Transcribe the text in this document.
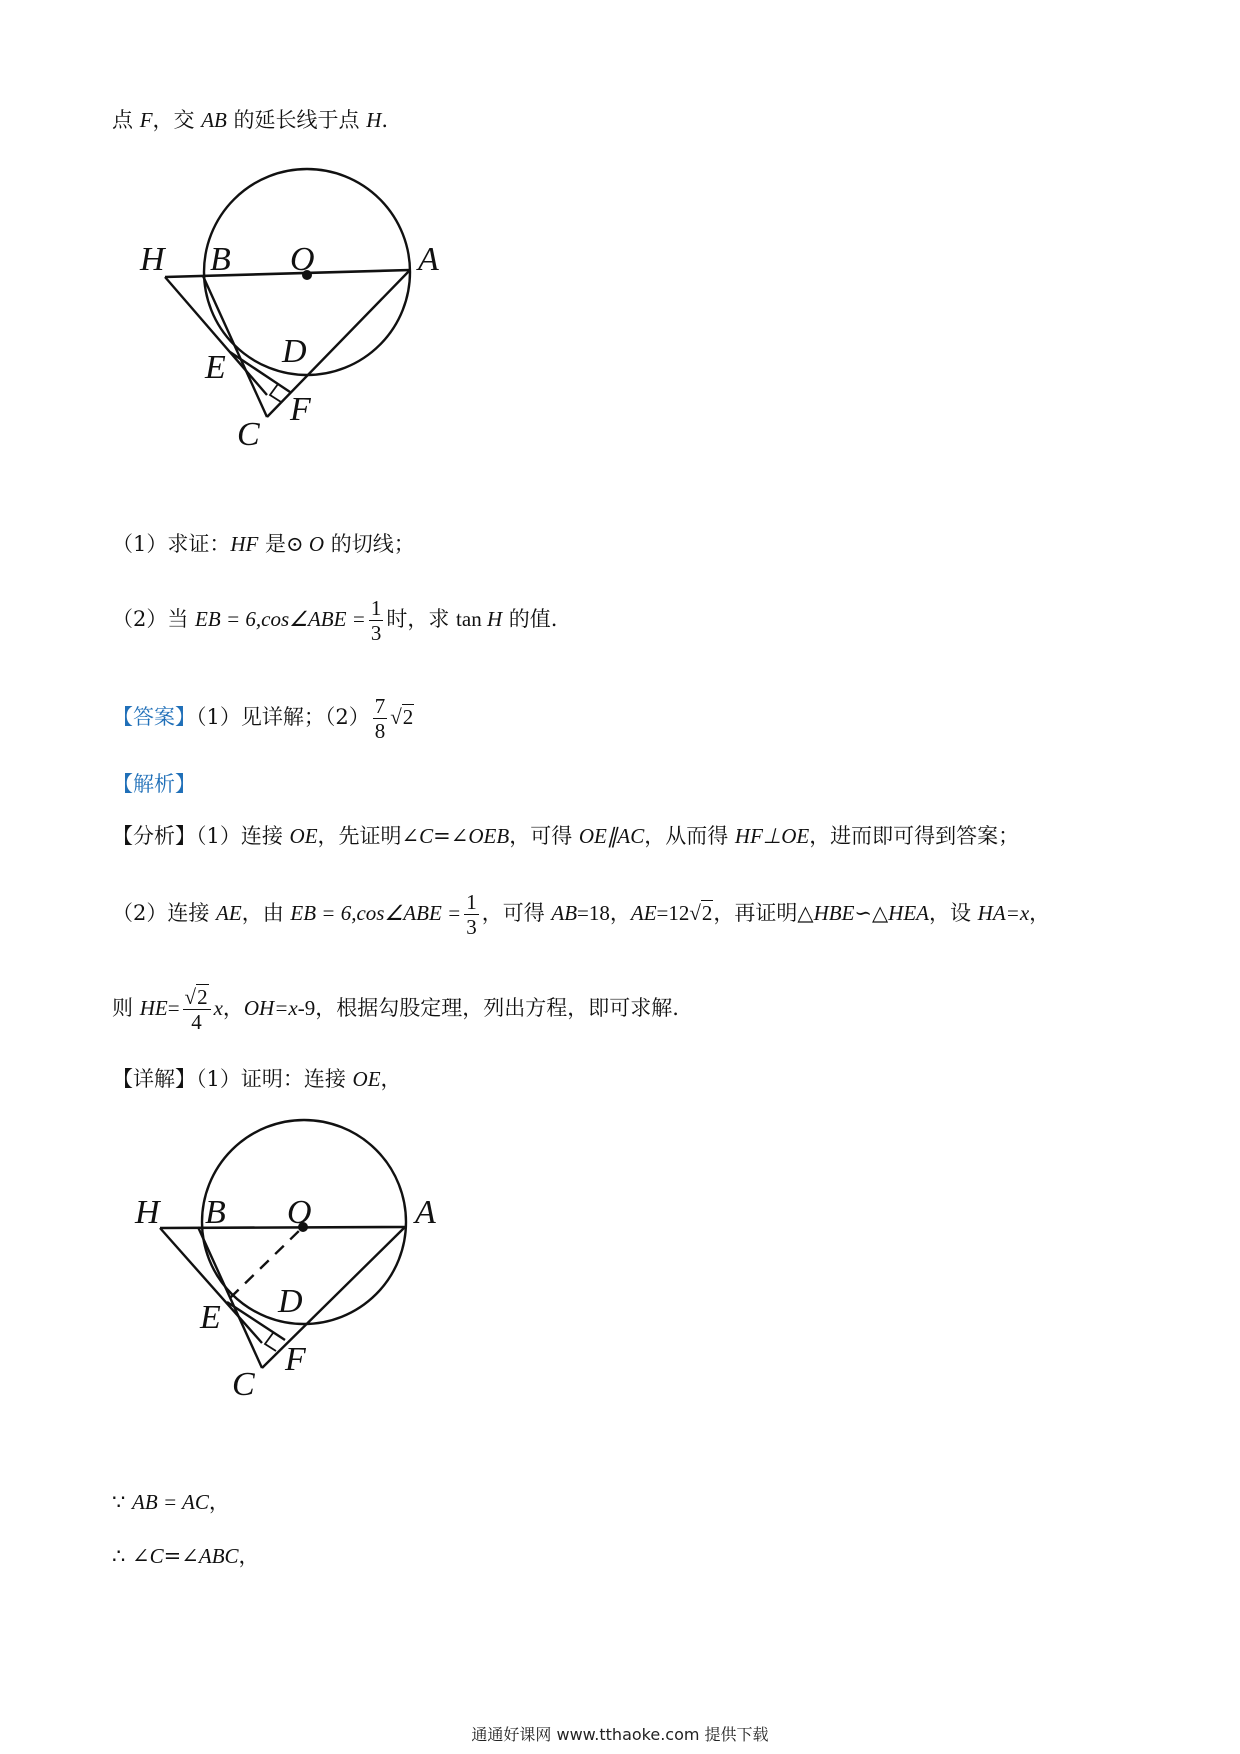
点 F，交 AB 的延长线于点 H.
H B O	A
E D
F
C
（1）求证：HF 是⊙ O 的切线；
（2）当 EB = 6,cos∠ABE = $\frac{1}{3}$ 时，求 tan H 的值.
【答案】（1）见详解；$(2) \frac{7}{8} √2$
【解析】
【分析】（1）连接 OE，先证明∠C=∠OEB，可得 OE∥AC，从而得 HF⊥OE，进而即可得到答案；
（2）连接 AE，由 EB = 6,cos∠ABE = $\frac{1}{3}$ ，可得 AB=18，AE=12√2，再证明△HBE∽△HEA，设 HA=x，
则 $HE= \frac{√2}{4}$ x，OH=x-9，根据勾股定理，列出方程，即可求解.
【详解】（1）证明：连接 OE，
H B O	A
E D
F
C
∵ AB = AC，
∴ ∠C=∠ABC，
通通好课网 www.tthaoke.com 提供下载
